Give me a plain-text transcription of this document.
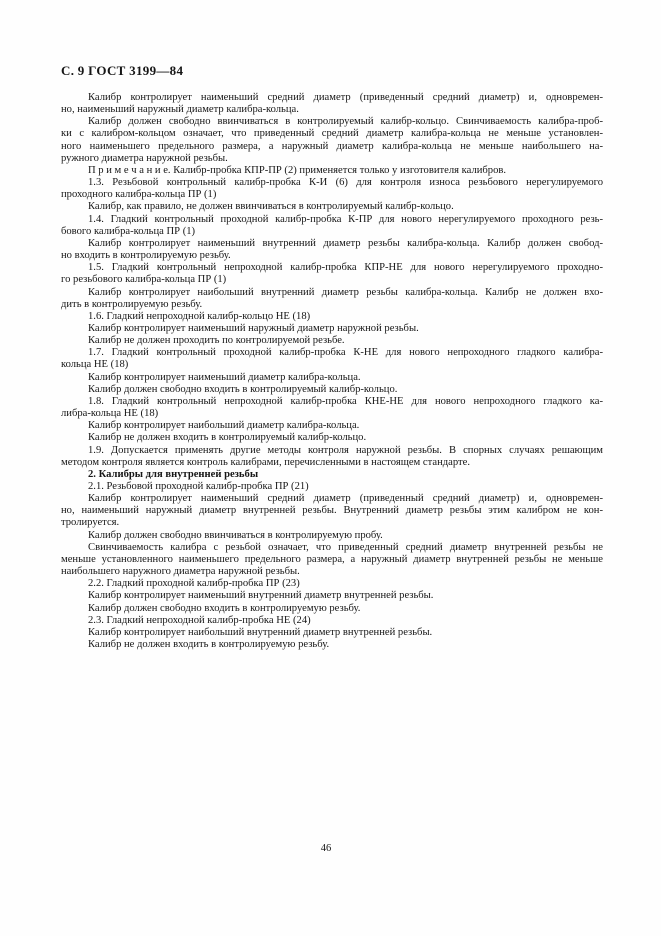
С. 9 ГОСТ 3199—84
Калибр контролирует наименьший средний диаметр (приведенный средний диаметр) и, одновремен-
но, наименьший наружный диаметр калибра-кольца.
Калибр должен свободно ввинчиваться в контролируемый калибр-кольцо. Свинчиваемость калибра-проб-
ки с калибром-кольцом означает, что приведенный средний диаметр калибра-кольца не меньше установлен-
ного наименьшего предельного размера, а наружный диаметр калибра-кольца не меньше наибольшего на-
ружного диаметра наружной резьбы.
П р и м е ч а н и е. Калибр-пробка КПР-ПР (2) применяется только у изготовителя калибров.
1.3. Резьбовой контрольный калибр-пробка К-И (6) для контроля износа резьбового нерегулируемого
проходного калибра-кольца ПР (1)
Калибр, как правило, не должен ввинчиваться в контролируемый калибр-кольцо.
1.4. Гладкий контрольный проходной калибр-пробка К-ПР для нового нерегулируемого проходного резь-
бового калибра-кольца ПР (1)
Калибр контролирует наименьший внутренний диаметр резьбы калибра-кольца. Калибр должен свобод-
но входить в контролируемую резьбу.
1.5. Гладкий контрольный непроходной калибр-пробка КПР-НЕ для нового нерегулируемого проходно-
го резьбового калибра-кольца ПР (1)
Калибр контролирует наибольший внутренний диаметр резьбы калибра-кольца. Калибр не должен вхо-
дить в контролируемую резьбу.
1.6. Гладкий непроходной калибр-кольцо НЕ (18)
Калибр контролирует наименьший наружный диаметр наружной резьбы.
Калибр не должен проходить по контролируемой резьбе.
1.7. Гладкий контрольный проходной калибр-пробка К-НЕ для нового непроходного гладкого калибра-
кольца НЕ (18)
Калибр контролирует наименьший диаметр калибра-кольца.
Калибр должен свободно входить в контролируемый калибр-кольцо.
1.8. Гладкий контрольный непроходной калибр-пробка КНЕ-НЕ для нового непроходного гладкого ка-
либра-кольца НЕ (18)
Калибр контролирует наибольший диаметр калибра-кольца.
Калибр не должен входить в контролируемый калибр-кольцо.
1.9. Допускается применять другие методы контроля наружной резьбы. В спорных случаях решающим
методом контроля является контроль калибрами, перечисленными в настоящем стандарте.
2. Калибры для внутренней резьбы
2.1. Резьбовой проходной калибр-пробка ПР (21)
Калибр контролирует наименьший средний диаметр (приведенный средний диаметр) и, одновремен-
но, наименьший наружный диаметр внутренней резьбы. Внутренний диаметр резьбы этим калибром не кон-
тролируется.
Калибр должен свободно ввинчиваться в контролируемую пробу.
Свинчиваемость калибра с резьбой означает, что приведенный средний диаметр внутренней резьбы не
меньше установленного наименьшего предельного размера, а наружный диаметр внутренней резьбы не меньше
наибольшего наружного диаметра наружной резьбы.
2.2. Гладкий проходной калибр-пробка ПР (23)
Калибр контролирует наименьший внутренний диаметр внутренней резьбы.
Калибр должен свободно входить в контролируемую резьбу.
2.3. Гладкий непроходной калибр-пробка НЕ (24)
Калибр контролирует наибольший внутренний диаметр внутренней резьбы.
Калибр не должен входить в контролируемую резьбу.
46
